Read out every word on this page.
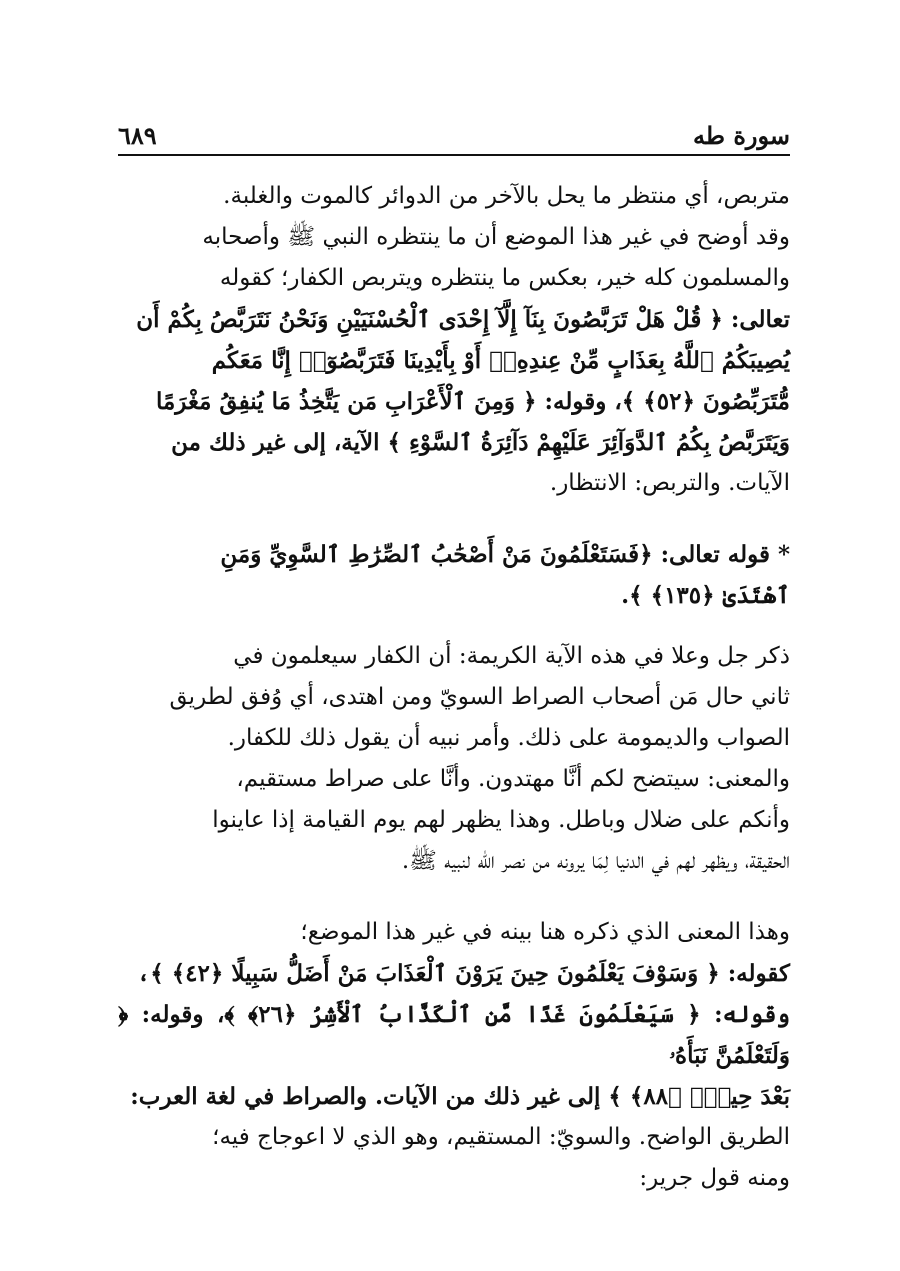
سورة طه
٦٨٩
متربص، أي منتظر ما يحل بالآخر من الدوائر كالموت والغلبة.
وقد أوضح في غير هذا الموضع أن ما ينتظره النبي ﷺ وأصحابه
والمسلمون كله خير، بعكس ما ينتظره ويتربص الكفار؛ كقوله
تعالى: ﴿ قُلْ هَلْ تَرَبَّصُونَ بِنَآ إِلَّآ إِحْدَى ٱلْحُسْنَيَيْنِ وَنَحْنُ نَتَرَبَّصُ بِكُمْ أَن
يُصِيبَكُمُ ٱللَّهُ بِعَذَابٍ مِّنْ عِندِهِۦٓ أَوْ بِأَيْدِينَا فَتَرَبَّصُوٓا۟ إِنَّا مَعَكُم
مُّتَرَبِّصُونَ ﴿٥٢﴾ ﴾، وقوله: ﴿ وَمِنَ ٱلْأَعْرَابِ مَن يَتَّخِذُ مَا يُنفِقُ مَغْرَمًا
وَيَتَرَبَّصُ بِكُمُ ٱلدَّوَآئِرَ عَلَيْهِمْ دَآئِرَةُ ٱلسَّوْءِ ﴾ الآية، إلى غير ذلك من
الآيات. والتربص: الانتظار.
* قوله تعالى: ﴿فَسَتَعْلَمُونَ مَنْ أَصْحَٰبُ ٱلصِّرَٰطِ ٱلسَّوِيِّ وَمَنِ
ٱهْتَدَىٰ ﴿١٣٥﴾ ﴾.
ذكر جل وعلا في هذه الآية الكريمة: أن الكفار سيعلمون في
ثاني حال مَن أصحاب الصراط السويّ ومن اهتدى، أي وُفق لطريق
الصواب والديمومة على ذلك. وأمر نبيه أن يقول ذلك للكفار.
والمعنى: سيتضح لكم أنَّا مهتدون. وأنَّا على صراط مستقيم،
وأنكم على ضلال وباطل. وهذا يظهر لهم يوم القيامة إذا عاينوا
الحقيقة، ويظهر لهم في الدنيا لِمَا يرونه من نصر الله لنبيه ﷺ.
وهذا المعنى الذي ذكره هنا بينه في غير هذا الموضع؛
كقوله: ﴿ وَسَوْفَ يَعْلَمُونَ حِينَ يَرَوْنَ ٱلْعَذَابَ مَنْ أَضَلُّ سَبِيلًا ﴿٤٢﴾ ﴾،
وقوله: ﴿ سَيَعْلَمُونَ غَدًا مَّنِ ٱلْكَذَّابُ ٱلْأَشِرُ ﴿٢٦﴾ ﴾، وقوله: ﴿ وَلَتَعْلَمُنَّ نَبَأَهُۥ
بَعْدَ حِينٍۭ ﴿٨٨﴾ ﴾ إلى غير ذلك من الآيات. والصراط في لغة العرب:
الطريق الواضح. والسويّ: المستقيم، وهو الذي لا اعوجاج فيه؛
ومنه قول جرير:
